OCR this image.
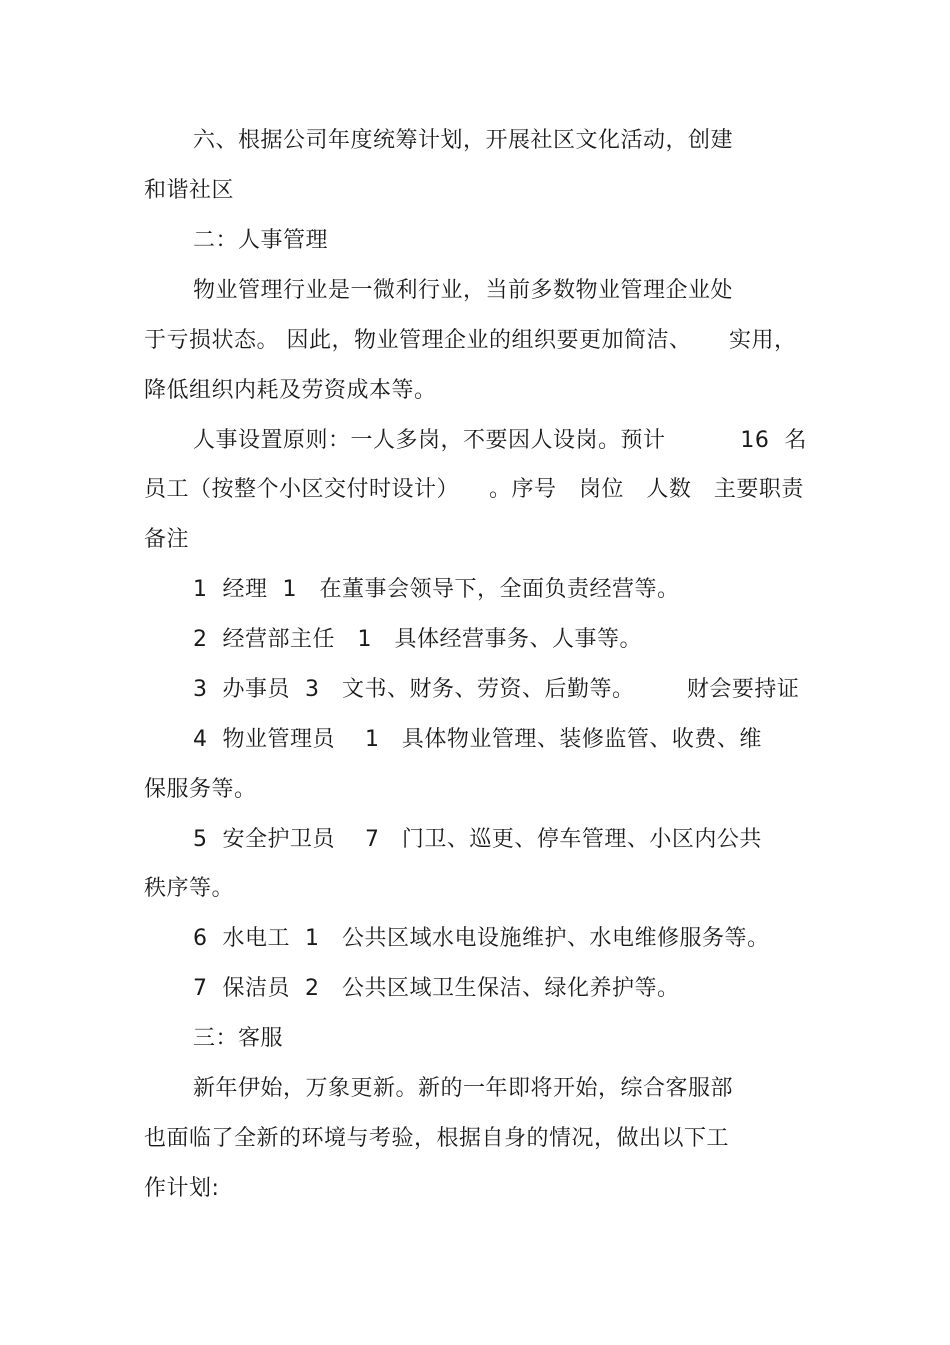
六、根据公司年度统筹计划，开展社区文化活动，创建
和谐社区
二：人事管理
物业管理行业是一微利行业，当前多数物业管理企业处
于亏损状态。 因此，物业管理企业的组织要更加简洁、     实用，
降低组织内耗及劳资成本等。
人事设置原则：一人多岗，不要因人设岗。预计          16  名
员工（按整个小区交付时设计）    。序号   岗位   人数   主要职责
备注
1  经理  1   在董事会领导下，全面负责经营等。
2  经营部主任   1   具体经营事务、人事等。
3  办事员  3   文书、财务、劳资、后勤等。       财会要持证
4  物业管理员    1   具体物业管理、装修监管、收费、维
保服务等。
5  安全护卫员    7   门卫、巡更、停车管理、小区内公共
秩序等。
6  水电工  1   公共区域水电设施维护、水电维修服务等。
7  保洁员  2   公共区域卫生保洁、绿化养护等。
三：客服
新年伊始，万象更新。新的一年即将开始，综合客服部
也面临了全新的环境与考验，根据自身的情况，做出以下工
作计划:
